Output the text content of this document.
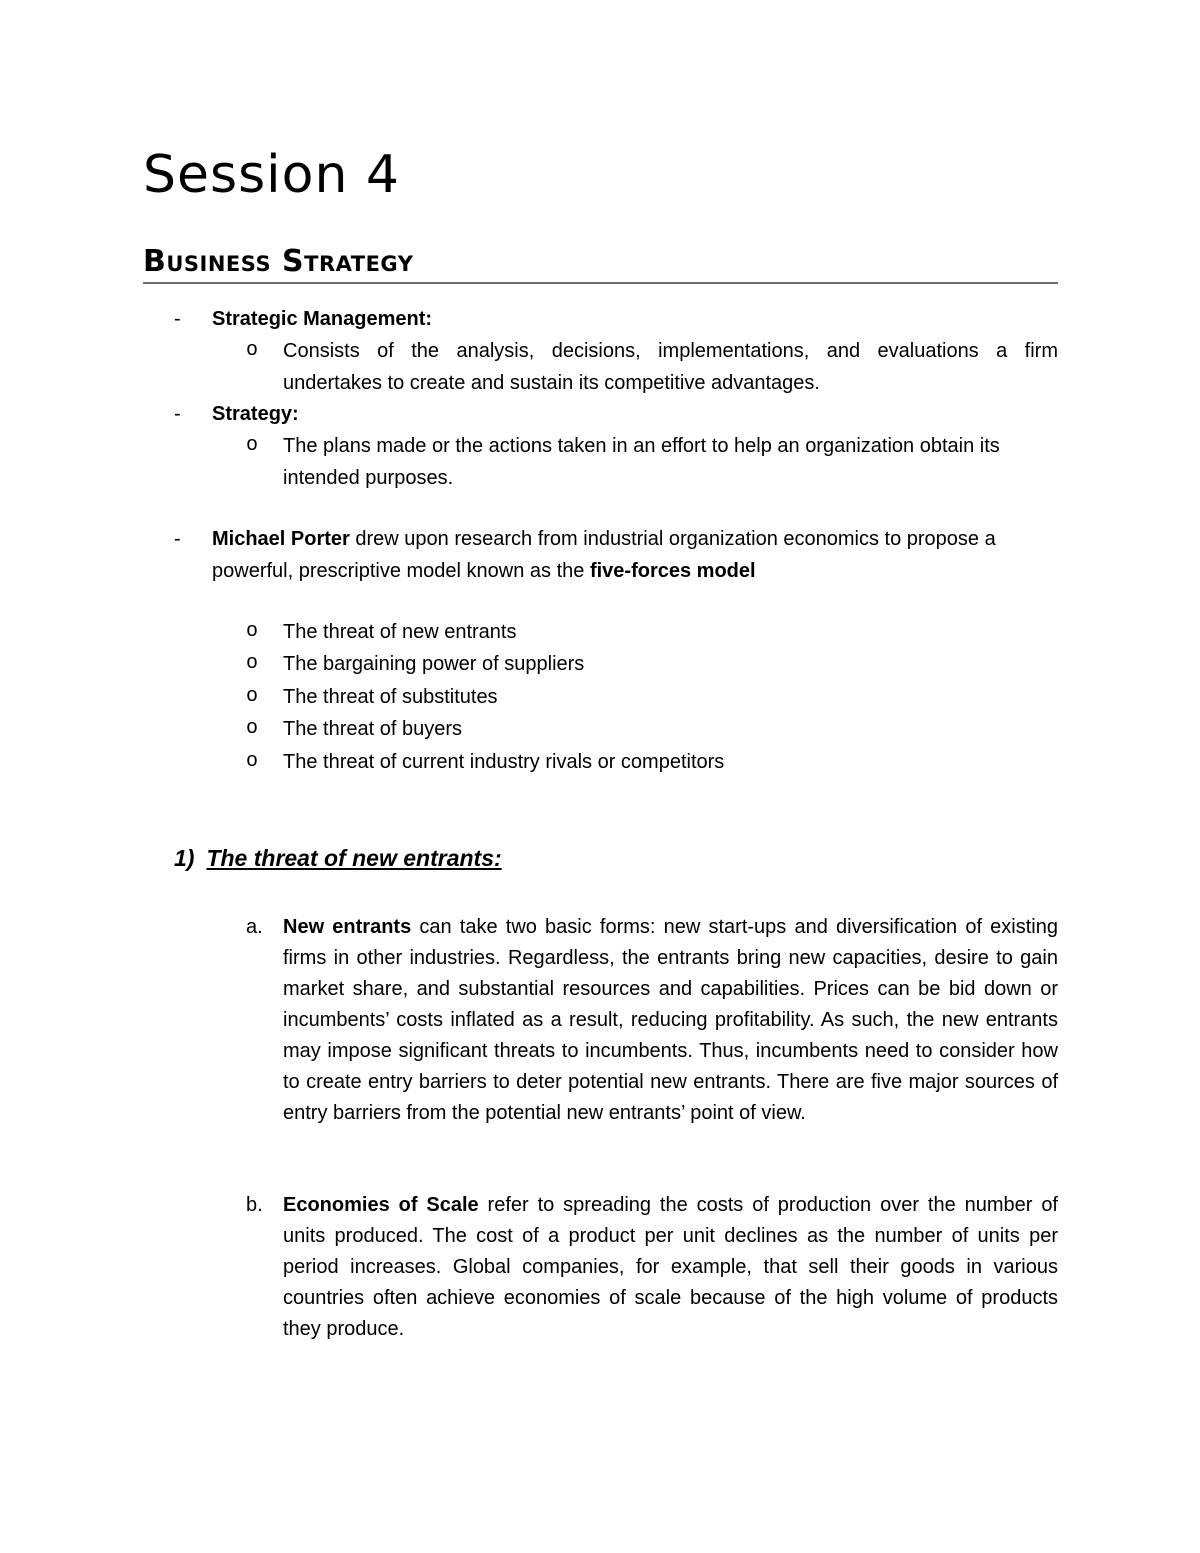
Session 4
Business Strategy
- Strategic Management:
o Consists of the analysis, decisions, implementations, and evaluations a firm
undertakes to create and sustain its competitive advantages.
- Strategy:
o The plans made or the actions taken in an effort to help an organization obtain its
intended purposes.
- Michael Porter drew upon research from industrial organization economics to propose a
powerful, prescriptive model known as the five-forces model
o The threat of new entrants
o The bargaining power of suppliers
o The threat of substitutes
o The threat of buyers
o The threat of current industry rivals or competitors
1) The threat of new entrants:
a. New entrants can take two basic forms: new start-ups and diversification of existing firms in other industries. Regardless, the entrants bring new capacities, desire to gain market share, and substantial resources and capabilities. Prices can be bid down or incumbents’ costs inflated as a result, reducing profitability. As such, the new entrants may impose significant threats to incumbents. Thus, incumbents need to consider how to create entry barriers to deter potential new entrants. There are five major sources of entry barriers from the potential new entrants’ point of view.

b. Economies of Scale refer to spreading the costs of production over the number of units produced. The cost of a product per unit declines as the number of units per period increases. Global companies, for example, that sell their goods in various countries often achieve economies of scale because of the high volume of products they produce.
